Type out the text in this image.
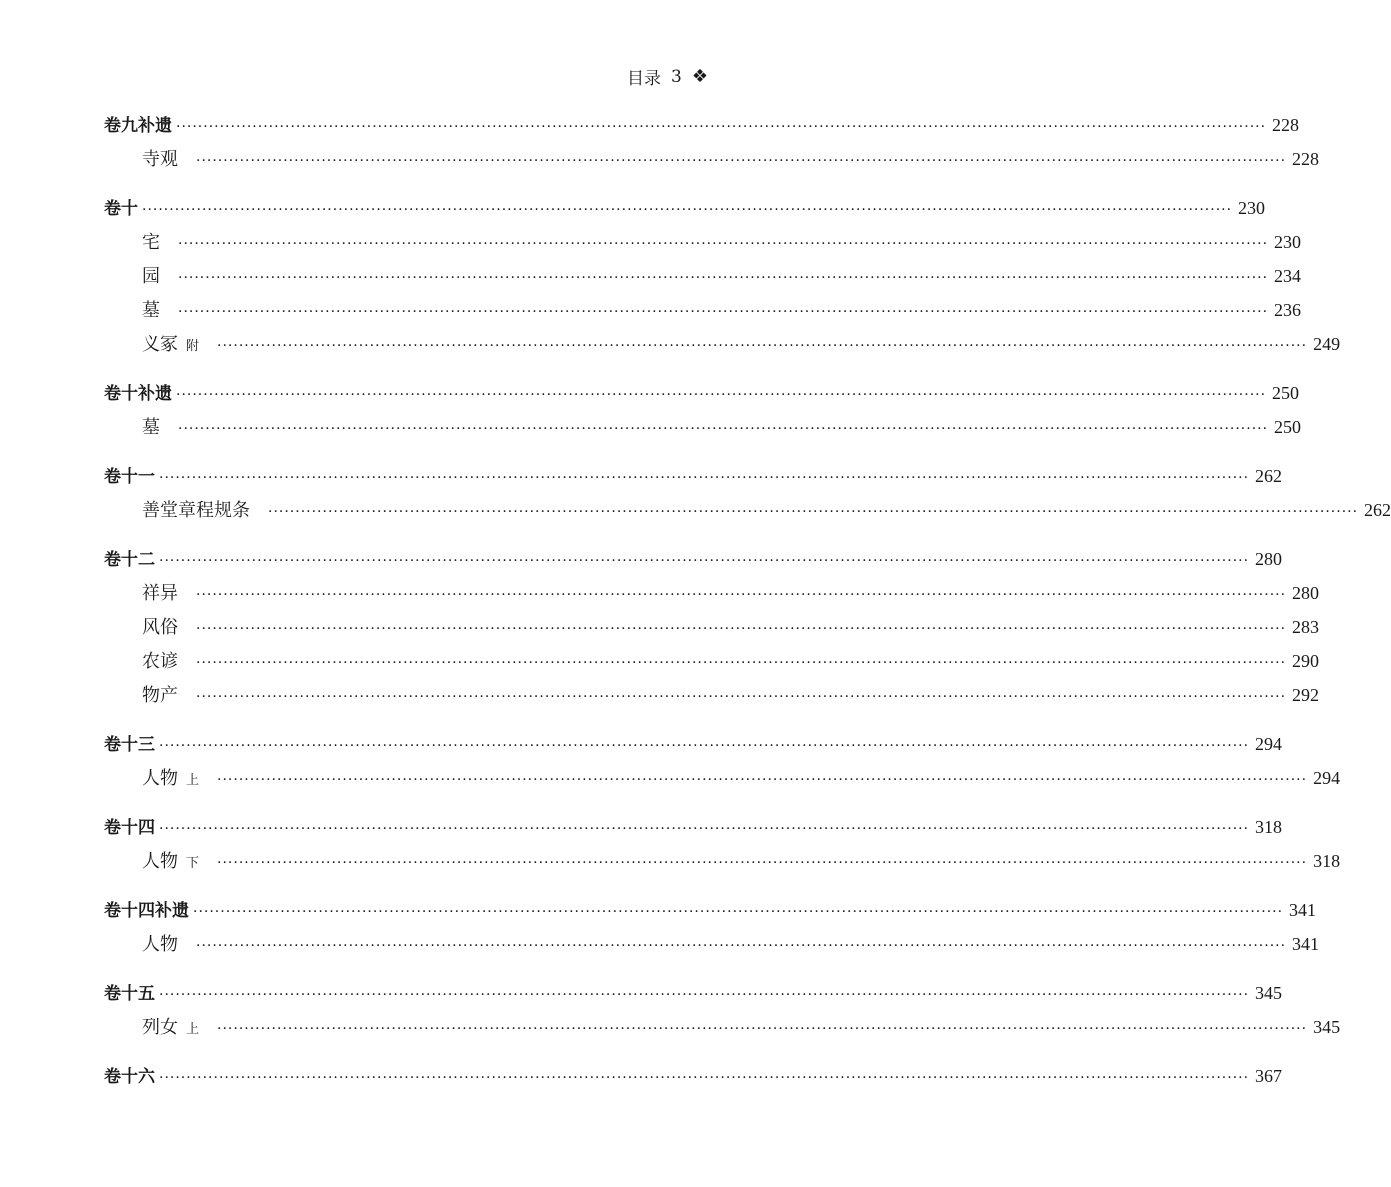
目录 3 ❖
卷九补遗 ········································································································································································································ 228
寺观 ········································································································································································································ 228
卷十 ········································································································································································································ 230
宅 ········································································································································································································ 230
园 ········································································································································································································ 234
墓 ········································································································································································································ 236
义冢 附 ········································································································································································································ 249
卷十补遗 ········································································································································································································ 250
墓 ········································································································································································································ 250
卷十一 ········································································································································································································ 262
善堂章程规条 ········································································································································································································ 262
卷十二 ········································································································································································································ 280
祥异 ········································································································································································································ 280
风俗 ········································································································································································································ 283
农谚 ········································································································································································································ 290
物产 ········································································································································································································ 292
卷十三 ········································································································································································································ 294
人物 上 ········································································································································································································ 294
卷十四 ········································································································································································································ 318
人物 下 ········································································································································································································ 318
卷十四补遗 ········································································································································································································ 341
人物 ········································································································································································································ 341
卷十五 ········································································································································································································ 345
列女 上 ········································································································································································································ 345
卷十六 ········································································································································································································ 367
